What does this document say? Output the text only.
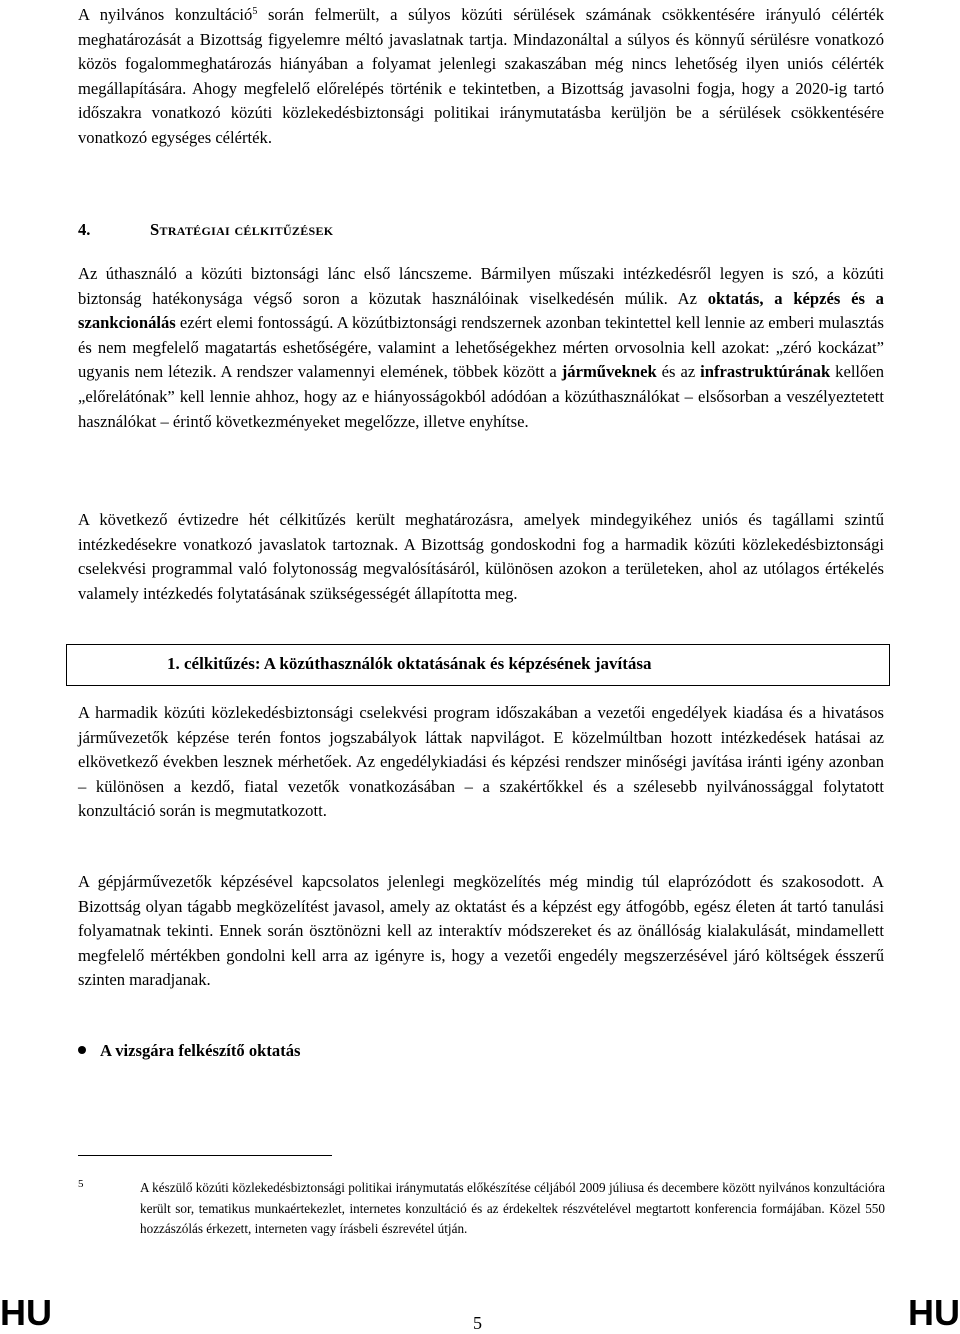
A nyilvános konzultáció$^5$ során felmerült, a súlyos közúti sérülések számának csökkentésére irányuló célérték meghatározását a Bizottság figyelemre méltó javaslatnak tartja. Mindazonáltal a súlyos és könnyű sérülésre vonatkozó közös fogalommeghatározás hiányában a folyamat jelenlegi szakaszában még nincs lehetőség ilyen uniós célérték megállapítására. Ahogy megfelelő előrelépés történik e tekintetben, a Bizottság javasolni fogja, hogy a 2020-ig tartó időszakra vonatkozó közúti közlekedésbiztonsági politikai iránymutatásba kerüljön be a sérülések csökkentésére vonatkozó egységes célérték.

4.	Stratégiai célkitűzések

Az úthasználó a közúti biztonsági lánc első láncszeme. Bármilyen műszaki intézkedésről legyen is szó, a közúti biztonság hatékonysága végső soron a közutak használóinak viselkedésén múlik. Az oktatás, a képzés és a szankcionálás ezért elemi fontosságú. A közútbiztonsági rendszernek azonban tekintettel kell lennie az emberi mulasztás és nem megfelelő magatartás eshetőségére, valamint a lehetőségekhez mérten orvosolnia kell azokat: „zéró kockázat” ugyanis nem létezik. A rendszer valamennyi elemének, többek között a járműveknek és az infrastruktúrának kellően „előrelátónak” kell lennie ahhoz, hogy az e hiányosságokból adódóan a közúthasználókat – elsősorban a veszélyeztetett használókat – érintő következményeket megelőzze, illetve enyhítse.

A következő évtizedre hét célkitűzés került meghatározásra, amelyek mindegyikéhez uniós és tagállami szintű intézkedésekre vonatkozó javaslatok tartoznak. A Bizottság gondoskodni fog a harmadik közúti közlekedésbiztonsági cselekvési programmal való folytonosság megvalósításáról, különösen azokon a területeken, ahol az utólagos értékelés valamely intézkedés folytatásának szükségességét állapította meg.

1. célkitűzés: A közúthasználók oktatásának és képzésének javítása

A harmadik közúti közlekedésbiztonsági cselekvési program időszakában a vezetői engedélyek kiadása és a hivatásos járművezetők képzése terén fontos jogszabályok láttak napvilágot. E közelmúltban hozott intézkedések hatásai az elkövetkező években lesznek mérhetőek. Az engedélykiadási és képzési rendszer minőségi javítása iránti igény azonban – különösen a kezdő, fiatal vezetők vonatkozásában – a szakértőkkel és a szélesebb nyilvánossággal folytatott konzultáció során is megmutatkozott.

A gépjárművezetők képzésével kapcsolatos jelenlegi megközelítés még mindig túl elaprózódott és szakosodott. A Bizottság olyan tágabb megközelítést javasol, amely az oktatást és a képzést egy átfogóbb, egész életen át tartó tanulási folyamatnak tekinti. Ennek során ösztönözni kell az interaktív módszereket és az önállóság kialakulását, mindamellett megfelelő mértékben gondolni kell arra az igényre is, hogy a vezetői engedély megszerzésével járó költségek ésszerű szinten maradjanak.

A vizsgára felkészítő oktatás
5	A készülő közúti közlekedésbiztonsági politikai iránymutatás előkészítése céljából 2009 júliusa és decembere között nyilvános konzultációra került sor, tematikus munkaértekezlet, internetes konzultáció és az érdekeltek részvételével megtartott konferencia formájában. Közel 550 hozzászólás érkezett, interneten vagy írásbeli észrevétel útján.

HU	5	HU
